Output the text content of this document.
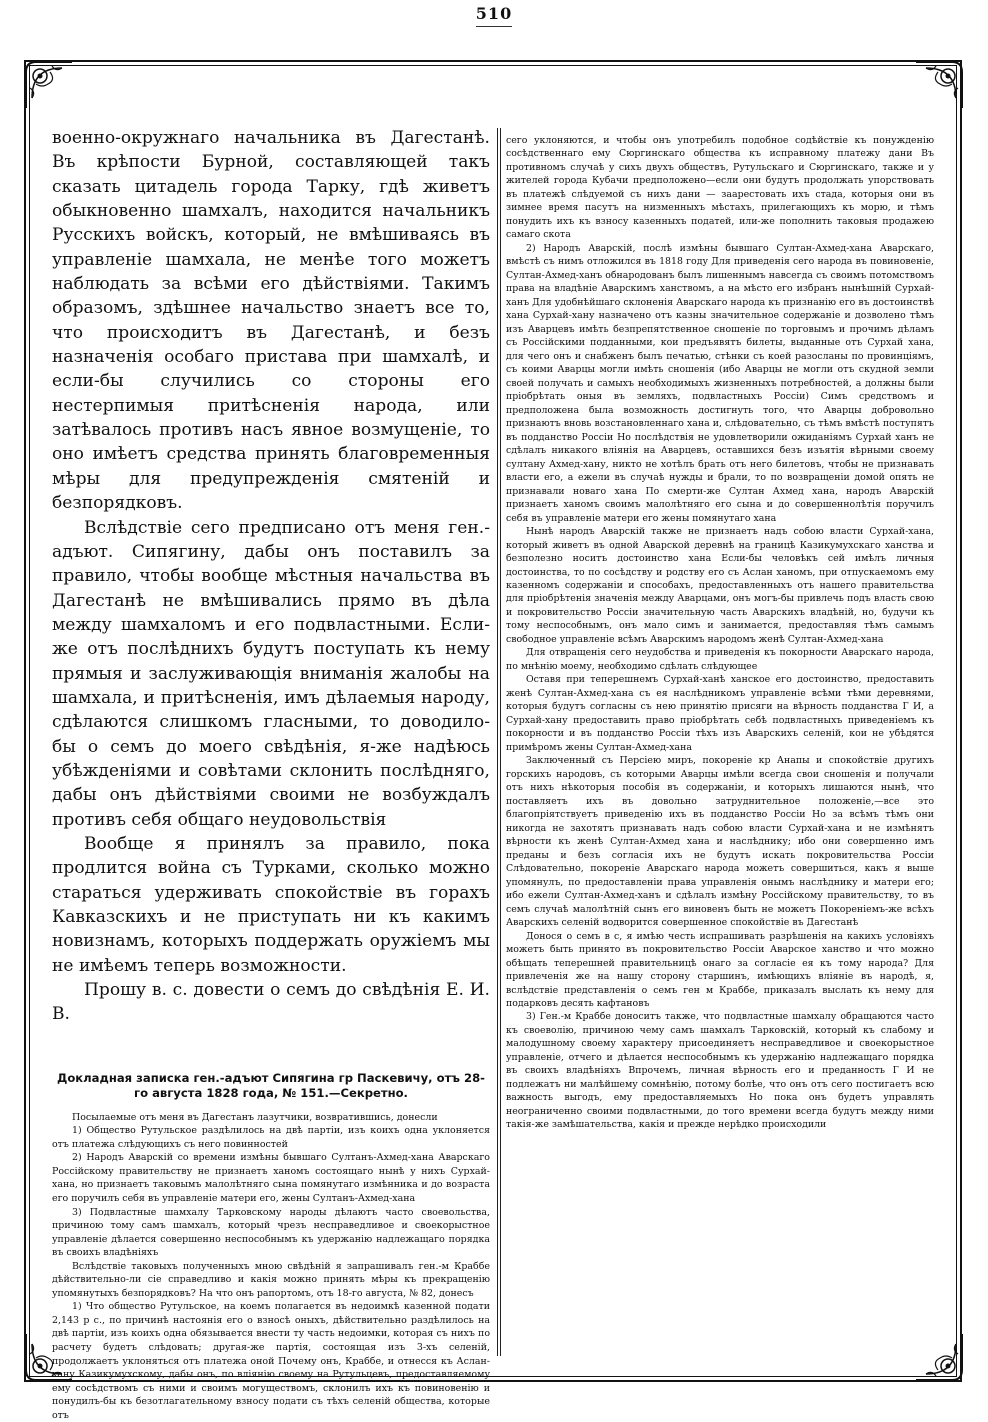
510

военно-окружнаго начальника въ Дагестанѣ. Въ крѣпости Бурной, составляющей такъ сказать цитадель города Тарку, гдѣ живетъ обыкновенно шамхалъ, находится начальникъ Русскихъ войскъ, который, не вмѣшиваясь въ управленіе шамхала, не менѣе того можетъ наблюдать за всѣми его дѣйствіями. Такимъ образомъ, здѣшнее начальство знаетъ все то, что происходитъ въ Дагестанѣ, и безъ назначенія особаго пристава при шамхалѣ, и если-бы случились со стороны его нестерпимыя притѣсненія народа, или затѣвалось противъ насъ явное возмущеніе, то оно имѣетъ средства принять благовременныя мѣры для предупрежденія смятеній и безпорядковъ.

Вслѣдствіе сего предписано отъ меня ген.-адъют. Сипягину, дабы онъ поставилъ за правило, чтобы вообще мѣстныя начальства въ Дагестанѣ не вмѣшивались прямо въ дѣла между шамхаломъ и его подвластными. Если-же отъ послѣднихъ будутъ поступать къ нему прямыя и заслуживающія вниманія жалобы на шамхала, и притѣсненія, имъ дѣлаемыя народу, сдѣлаются слишкомъ гласными, то доводило-бы о семъ до моего свѣдѣнія, я-же надѣюсь убѣжденіями и совѣтами склонить послѣдняго, дабы онъ дѣйствіями своими не возбуждалъ противъ себя общаго неудовольствія

Вообще я принялъ за правило, пока продлится война съ Турками, сколько можно стараться удерживать спокойствіе въ горахъ Кавказскихъ и не приступать ни къ какимъ новизнамъ, которыхъ поддержать оружіемъ мы не имѣемъ теперь возможности.

Прошу в. с. довести о семъ до свѣдѣнія Е. И. В.

Докладная записка ген.-адъют Сипягина гр Паскевичу, отъ 28-го августа 1828 года, № 151.—Секретно.

Посылаемые отъ меня въ Дагестанъ лазутчики, возвратившись, донесли

1) Общество Рутульское раздѣлилось на двѣ партіи, изъ коихъ одна уклоняется отъ платежа слѣдующихъ съ него повинностей

2) Народъ Аварскій со времени измѣны бывшаго Султанъ-Ахмед-хана Аварскаго Россійскому правительству не признаетъ ханомъ состоящаго нынѣ у нихъ Сурхай-хана, но признаетъ таковымъ малолѣтняго сына помянутаго измѣнника и до возраста его поручилъ себя въ управленіе матери его, жены Султанъ-Ахмед-хана

3) Подвластные шамхалу Тарковскому народы дѣлаютъ часто своевольства, причиною тому самъ шамхалъ, который чрезъ несправедливое и своекорыстное управленіе дѣлается совершенно неспособнымъ къ удержанію надлежащаго порядка въ своихъ владѣніяхъ

Вслѣдствіе таковыхъ полученныхъ мною свѣдѣній я запрашивалъ ген.-м Краббе дѣйствительно-ли сіе справедливо и какія можно принять мѣры къ прекращенію упомянутыхъ безпорядковъ? На что онъ рапортомъ, отъ 18-го августа, № 82, донесъ

1) Что общество Рутульское, на коемъ полагается въ недоимкѣ казенной подати 2,143 р с., по причинѣ настоянія его о взносѣ оныхъ, дѣйствительно раздѣлилось на двѣ партіи, изъ коихъ одна обязывается внести ту часть недоимки, которая съ нихъ по расчету будетъ слѣдовать; другая-же партія, состоящая изъ 3-хъ селеній, продолжаетъ уклоняться отъ платежа оной Почему онъ, Краббе, и отнесся къ Аслан-хану Казикумухскому, дабы онъ, по вліянію своему на Рутульцевъ, предоставляемому ему сосѣдствомъ съ ними и своимъ могуществомъ, склонилъ ихъ къ повиновенію и понудилъ-бы къ безотлагательному взносу подати съ тѣхъ селеній общества, которые отъ

сего уклоняются, и чтобы онъ употребилъ подобное содѣйствіе къ понужденію сосѣдственнаго ему Сюргинскаго общества къ исправному платежу дани Въ противномъ случаѣ у сихъ двухъ обществъ, Рутульскаго и Сюргинскаго, также и у жителей города Кубачи предположено—если они будутъ продолжать упорствовать въ платежѣ слѣдуемой съ нихъ дани — заарестовать ихъ стада, которыя они въ зимнее время пасутъ на низменныхъ мѣстахъ, прилегающихъ къ морю, и тѣмъ понудить ихъ къ взносу казенныхъ податей, или-же пополнить таковыя продажею самаго скота

2) Народъ Аварскій, послѣ измѣны бывшаго Султан-Ахмед-хана Аварскаго, вмѣстѣ съ нимъ отложился въ 1818 году Для приведенія сего народа въ повиновеніе, Султан-Ахмед-ханъ обнародованъ былъ лишеннымъ навсегда съ своимъ потомствомъ права на владѣніе Аварскимъ ханствомъ, а на мѣсто его избранъ нынѣшній Сурхай-ханъ Для удобнѣйшаго склоненія Аварскаго народа къ признанію его въ достоинствѣ хана Сурхай-хану назначено отъ казны значительное содержаніе и дозволено тѣмъ изъ Аварцевъ имѣть безпрепятственное сношеніе по торговымъ и прочимъ дѣламъ съ Россійскими подданными, кои предъявятъ билеты, выданные отъ Сурхай хана, для чего онъ и снабженъ былъ печатью, стѣнки съ коей разосланы по провинціямъ, съ коими Аварцы могли имѣть сношенія (ибо Аварцы не могли отъ скудной земли своей получать и самыхъ необходимыхъ жизненныхъ потребностей, а должны были пріобрѣтать оныя въ земляхъ, подвластныхъ Россіи) Симъ средствомъ и предположена была возможность достигнуть того, что Аварцы добровольно признаютъ вновь возстановленнаго хана и, слѣдовательно, съ тѣмъ вмѣстѣ поступятъ въ подданство Россіи Но послѣдствія не удовлетворили ожиданіямъ Сурхай ханъ не сдѣлалъ никакого вліянія на Аварцевъ, оставшихся безъ изъятія вѣрными своему султану Ахмед-хану, никто не хотѣлъ брать отъ него билетовъ, чтобы не признавать власти его, а ежели въ случаѣ нужды и брали, то по возвращеніи домой опять не признавали новаго хана По смерти-же Султан Ахмед хана, народъ Аварскій признаетъ ханомъ своимъ малолѣтняго его сына и до совершеннолѣтія поручилъ себя въ управленіе матери его жены помянутаго хана

Нынѣ народъ Аварскій также не признаетъ надъ собою власти Сурхай-хана, который живетъ въ одной Аварской деревнѣ на границѣ Казикумухскаго ханства и безполезно носитъ достоинство хана Если-бы человѣкъ сей имѣлъ личныя достоинства, то по сосѣдству и родству его съ Аслан ханомъ, при отпускаемомъ ему казенномъ содержаніи и способахъ, предоставленныхъ отъ нашего правительства для пріобрѣтенія значенія между Аварцами, онъ могъ-бы привлечь подъ власть свою и покровительство Россіи значительную часть Аварскихъ владѣній, но, будучи къ тому неспособнымъ, онъ мало симъ и занимается, предоставляя тѣмъ самымъ свободное управленіе всѣмъ Аварскимъ народомъ женѣ Султан-Ахмед-хана

Для отвращенія сего неудобства и приведенія къ покорности Аварскаго народа, по мнѣнію моему, необходимо сдѣлать слѣдующее

Оставя при теперешнемъ Сурхай-ханѣ ханское его достоинство, предоставить женѣ Султан-Ахмед-хана съ ея наслѣдникомъ управленіе всѣми тѣми деревнями, которыя будутъ согласны съ нею принятію присяги на вѣрность подданства Г И, а Сурхай-хану предоставить право пріобрѣтать себѣ подвластныхъ приведеніемъ къ покорности и въ подданство Россіи тѣхъ изъ Аварскихъ селеній, кои не убѣдятся примѣромъ жены Султан-Ахмед-хана

Заключенный съ Персіею миръ, покореніе кр Анапы и спокойствіе другихъ горскихъ народовъ, съ которыми Аварцы имѣли всегда свои сношенія и получали отъ нихъ нѣкоторыя пособія въ содержаніи, и которыхъ лишаются нынѣ, что поставляетъ ихъ въ довольно затруднительное положеніе,—все это благопріятствуетъ приведенію ихъ въ подданство Россіи Но за всѣмъ тѣмъ они никогда не захотятъ признавать надъ собою власти Сурхай-хана и не измѣнятъ вѣрности къ женѣ Султан-Ахмед хана и наслѣднику; ибо они совершенно имъ преданы и безъ согласія ихъ не будутъ искать покровительства Россіи Слѣдовательно, покореніе Аварскаго народа можетъ совершиться, какъ я выше упомянулъ, по предоставленіи права управленія онымъ наслѣднику и матери его; ибо ежели Султан-Ахмед-ханъ и сдѣлалъ измѣну Россійскому правительству, то въ семъ случаѣ малолѣтній сынъ его виновенъ быть не можетъ Покореніемъ-же всѣхъ Аварскихъ селеній водворится совершенное спокойствіе въ Дагестанѣ

Донося о семъ в с, я имѣю честь испрашивать разрѣшенія на какихъ условіяхъ можетъ быть принято въ покровительство Россіи Аварское ханство и что можно обѣщать теперешней правительницѣ онаго за согласіе ея къ тому народа? Для привлеченія же на нашу сторону старшинъ, имѣющихъ вліяніе въ народѣ, я, вслѣдствіе представленія о семъ ген м Краббе, приказалъ выслать къ нему для подарковъ десять кафтановъ

3) Ген.-м Краббе доноситъ также, что подвластные шамхалу обращаются часто къ своеволію, причиною чему самъ шамхалъ Тарковскій, который къ слабому и малодушному своему характеру присоединяетъ несправедливое и своекорыстное управленіе, отчего и дѣлается неспособнымъ къ удержанію надлежащаго порядка въ своихъ владѣніяхъ Впрочемъ, личная вѣрность его и преданность Г И не подлежатъ ни малѣйшему сомнѣнію, потому болѣе, что онъ отъ сего постигаетъ всю важность выгодъ, ему предоставляемыхъ Но пока онъ будетъ управлять неограниченно своими подвластными, до того времени всегда будутъ между ними такія-же замѣшательства, какія и прежде нерѣдко происходили
